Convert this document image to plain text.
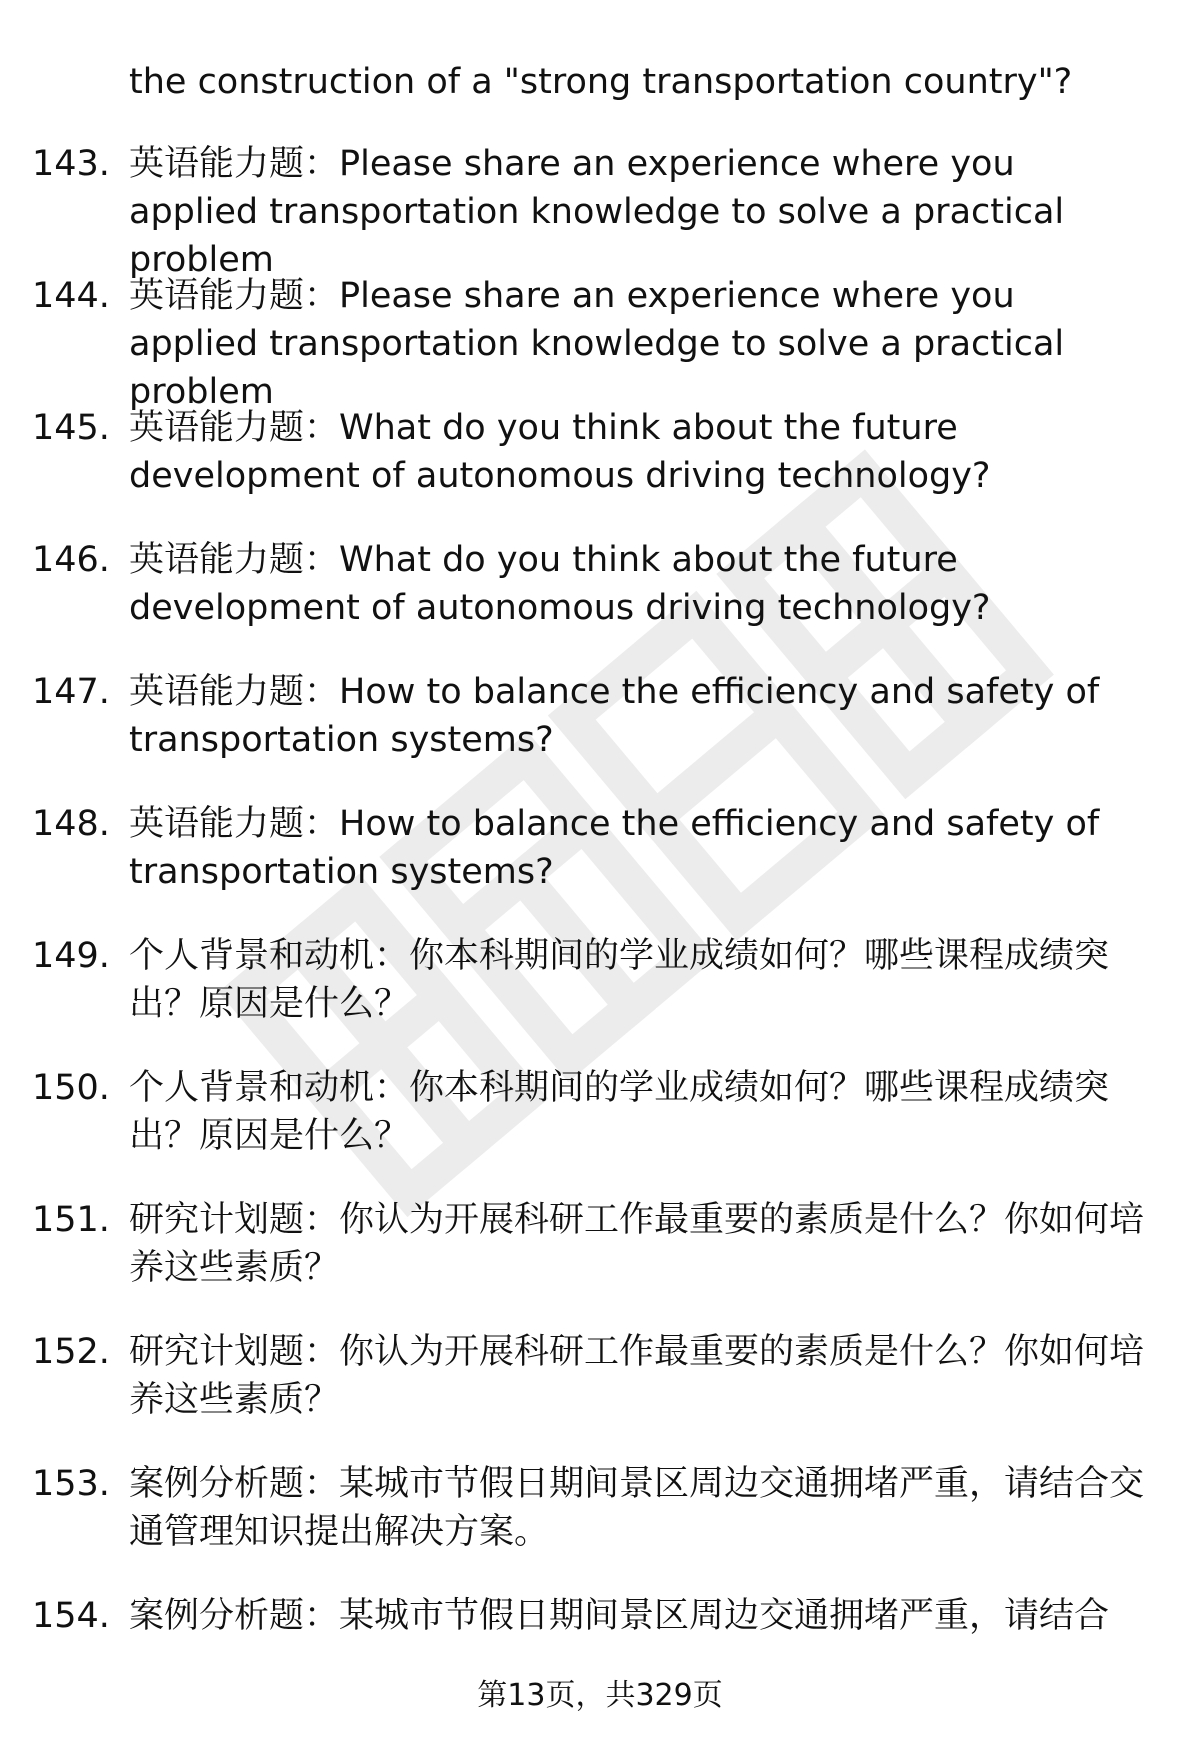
the construction of a "strong transportation country"?

143. 英语能力题：Please share an experience where you applied transportation knowledge to solve a practical problem
144. 英语能力题：Please share an experience where you applied transportation knowledge to solve a practical problem
145. 英语能力题：What do you think about the future development of autonomous driving technology?
146. 英语能力题：What do you think about the future development of autonomous driving technology?
147. 英语能力题：How to balance the efficiency and safety of transportation systems?
148. 英语能力题：How to balance the efficiency and safety of transportation systems?
149. 个人背景和动机：你本科期间的学业成绩如何？哪些课程成绩突出？原因是什么？
150. 个人背景和动机：你本科期间的学业成绩如何？哪些课程成绩突出？原因是什么？
151. 研究计划题：你认为开展科研工作最重要的素质是什么？你如何培养这些素质？
152. 研究计划题：你认为开展科研工作最重要的素质是什么？你如何培养这些素质？
153. 案例分析题：某城市节假日期间景区周边交通拥堵严重，请结合交通管理知识提出解决方案。
154. 案例分析题：某城市节假日期间景区周边交通拥堵严重，请结合
第13页，共329页
